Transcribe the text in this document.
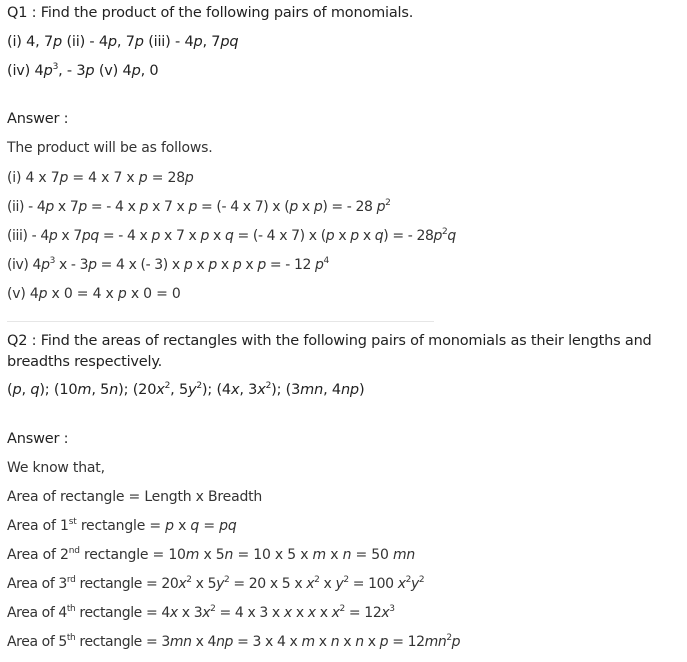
Q1 : Find the product of the following pairs of monomials.
(i) 4, 7p (ii) - 4p, 7p (iii) - 4p, 7pq
(iv) $4p^3$, - 3p (v) 4p, 0
Answer :
The product will be as follows.
(i) 4 x 7p = 4 x 7 x p = 28p
(ii) - 4p x 7p = - 4 x p x 7 x p = (- 4 x 7) x (p x p) = - 28 $p^2$
(iii) - 4p x 7pq = - 4 x p x 7 x p x q = (- 4 x 7) x (p x p x q) = - $28p^2q$
(iv) $4p^3$ x - 3p = 4 x (- 3) x p x p x p x p = - 12 $p^4$
(v) 4p x 0 = 4 x p x 0 = 0
Q2 : Find the areas of rectangles with the following pairs of monomials as their lengths and
breadths respectively.
(p, q); (10m, 5n); ($20x^2$, $5y^2$); (4x, $3x^2$); (3mn, 4np)
Answer :
We know that,
Area of rectangle = Length x Breadth
Area of 1st rectangle = p x q = pq
Area of 2nd rectangle = 10m x 5n = 10 x 5 x m x n = 50 mn
Area of 3rd rectangle = $20x^2$ x $5y^2 = 20$ x 5 x $x^2$ x $y^2 = 100$ $x^2y^2$
Area of 4th rectangle = 4x x $3x^2 = 4$ x 3 x x x x x $x^2 = 12x^3$
Area of 5th rectangle = 3mn x 4np = 3 x 4 x m x n x n x $p = 12mn^2p$
